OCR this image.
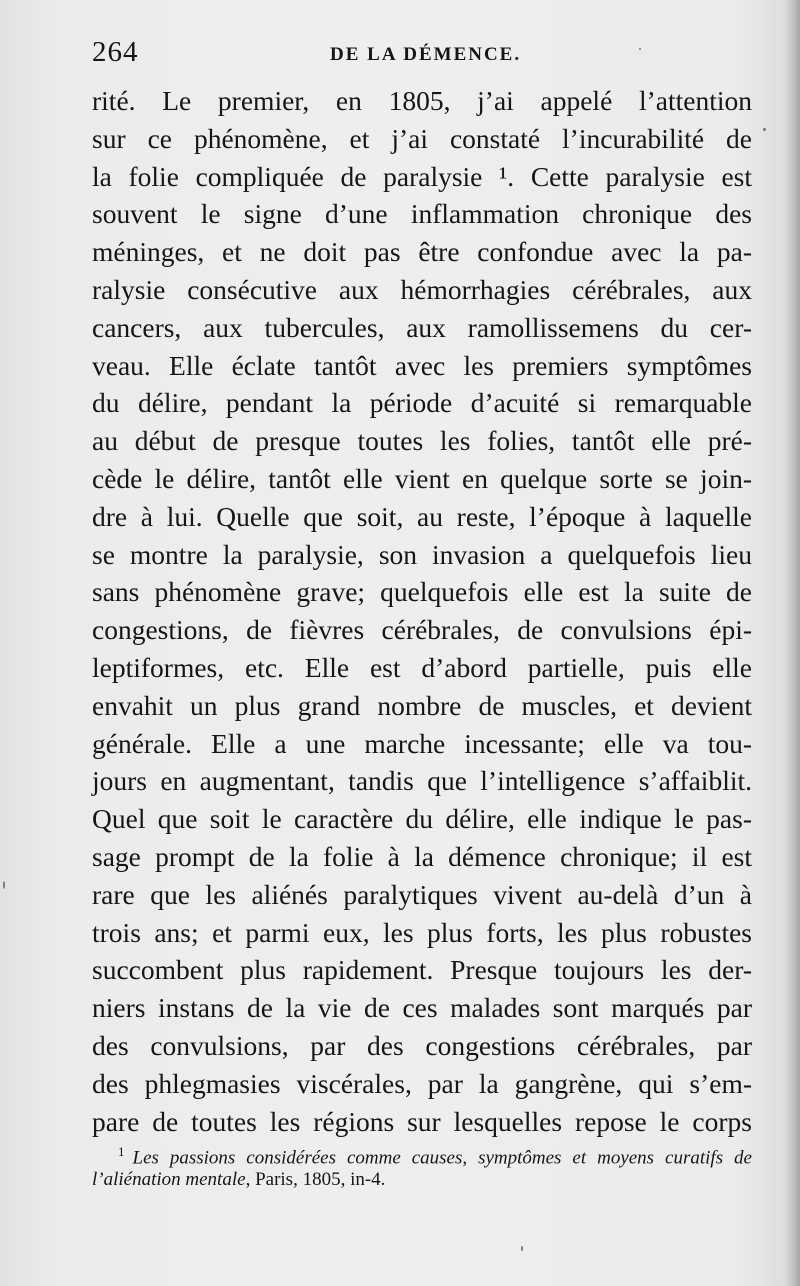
264	DE LA DÉMENCE.
rité. Le premier, en 1805, j’ai appelé l’attention
sur ce phénomène, et j’ai constaté l’incurabilité de
la folie compliquée de paralysie ¹. Cette paralysie est
souvent le signe d’une inflammation chronique des
méninges, et ne doit pas être confondue avec la pa-
ralysie consécutive aux hémorrhagies cérébrales, aux
cancers, aux tubercules, aux ramollissemens du cer-
veau. Elle éclate tantôt avec les premiers symptômes
du délire, pendant la période d’acuité si remarquable
au début de presque toutes les folies, tantôt elle pré-
cède le délire, tantôt elle vient en quelque sorte se join-
dre à lui. Quelle que soit, au reste, l’époque à laquelle
se montre la paralysie, son invasion a quelquefois lieu
sans phénomène grave; quelquefois elle est la suite de
congestions, de fièvres cérébrales, de convulsions épi-
leptiformes, etc. Elle est d’abord partielle, puis elle
envahit un plus grand nombre de muscles, et devient
générale. Elle a une marche incessante; elle va tou-
jours en augmentant, tandis que l’intelligence s’affaiblit.
Quel que soit le caractère du délire, elle indique le pas-
sage prompt de la folie à la démence chronique; il est
rare que les aliénés paralytiques vivent au-delà d’un à
trois ans; et parmi eux, les plus forts, les plus robustes
succombent plus rapidement. Presque toujours les der-
niers instans de la vie de ces malades sont marqués par
des convulsions, par des congestions cérébrales, par
des phlegmasies viscérales, par la gangrène, qui s’em-
pare de toutes les régions sur lesquelles repose le corps
$^1$ Les passions considérées comme causes, symptômes et moyens curatifs de
l’aliénation mentale, Paris, 1805, in-4.
